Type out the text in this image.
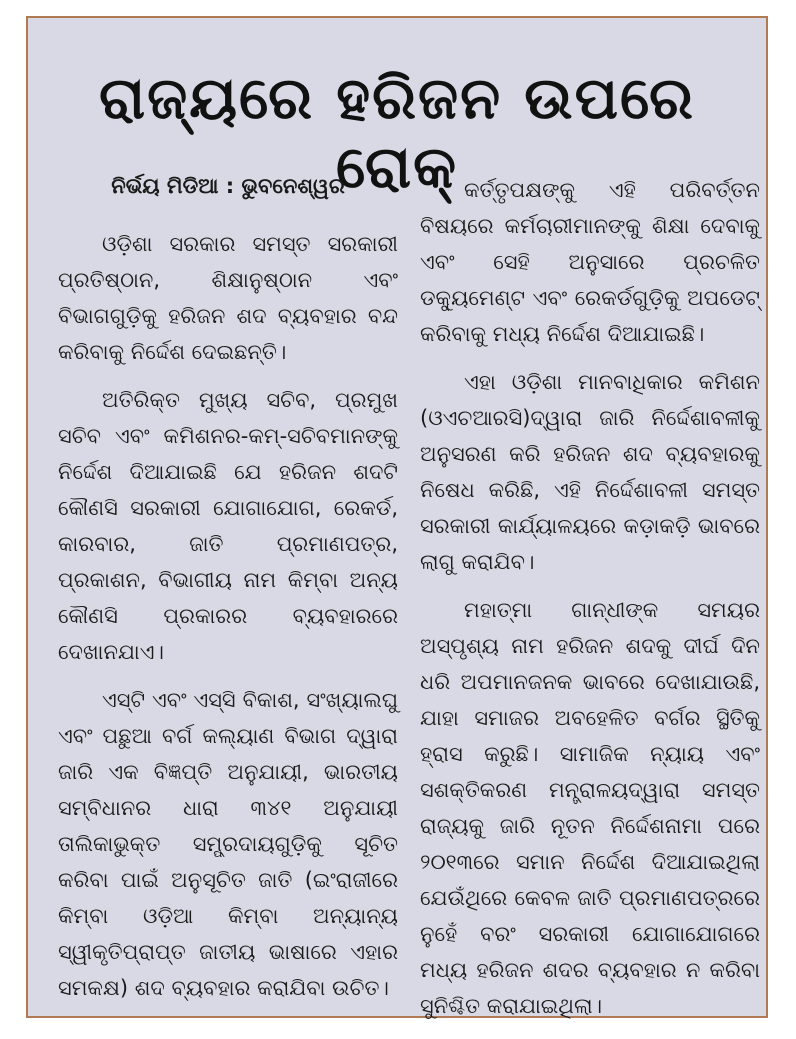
ରାଜ୍ୟରେ ହରିଜନ ଉପରେ ରୋକ୍
ନିର୍ଭୟ ମିଡିଆ : ଭୁବନେଶ୍ୱର

ଓଡ଼ିଶା ସରକାର ସମସ୍ତ ସରକାରୀ ପ୍ରତିଷ୍ଠାନ, ଶିକ୍ଷାନୁଷ୍ଠାନ ଏବଂ ବିଭାଗଗୁଡ଼ିକୁ ହରିଜନ ଶଦ ବ୍ୟବହାର ବନ୍ଦ କରିବାକୁ ନିର୍ଦ୍ଦେଶ ଦେଇଛନ୍ତି।

ଅତିରିକ୍ତ ମୁଖ୍ୟ ସଚିବ, ପ୍ରମୁଖ ସଚିବ ଏବଂ କମିଶନର-କମ୍-ସଚିବମାନଙ୍କୁ ନିର୍ଦ୍ଦେଶ ଦିଆଯାଇଛି ଯେ ହରିଜନ ଶଦଟି କୌଣସି ସରକାରୀ ଯୋଗାଯୋଗ, ରେକର୍ଡ, କାରବାର, ଜାତି ପ୍ରମାଣପତ୍ର, ପ୍ରକାଶନ, ବିଭାଗୀୟ ନାମ କିମ୍ବା ଅନ୍ୟ କୌଣସି ପ୍ରକାରର ବ୍ୟବହାରରେ ଦେଖାନଯାଏ।

ଏସ୍‌ଟି ଏବଂ ଏସ୍‌ସି ବିକାଶ, ସଂଖ୍ୟାଲଘୁ ଏବଂ ପଛୁଆ ବର୍ଗ କଲ୍ୟାଣ ବିଭାଗ ଦ୍ୱାରା ଜାରି ଏକ ବିଜ୍ଞପ୍ତି ଅନୁଯାୟୀ, ଭାରତୀୟ ସମ୍ବିଧାନର ଧାରା ୩୪୧ ଅନୁଯାୟୀ ତାଲିକାଭୁକ୍ତ ସମ୍ପ୍ରଦାୟଗୁଡ଼ିକୁ ସୂଚିତ କରିବା ପାଇଁ ଅନୁସୂଚିତ ଜାତି (ଇଂରାଜୀରେ କିମ୍ବା ଓଡ଼ିଆ କିମ୍ବା ଅନ୍ୟାନ୍ୟ ସ୍ୱୀକୃତିପ୍ରାପ୍ତ ଜାତୀୟ ଭାଷାରେ ଏହାର ସମକକ୍ଷ) ଶଦ ବ୍ୟବହାର କରାଯିବା ଉଚିତ।

କର୍ତ୍ତୃପକ୍ଷଙ୍କୁ ଏହି ପରିବର୍ତ୍ତନ ବିଷୟରେ କର୍ମଚାରୀମାନଙ୍କୁ ଶିକ୍ଷା ଦେବାକୁ ଏବଂ ସେହି ଅନୁସାରେ ପ୍ରଚଳିତ ଡକ୍ୟୁମେଣ୍ଟ ଏବଂ ରେକର୍ଡଗୁଡ଼ିକୁ ଅପଡେଟ୍ କରିବାକୁ ମଧ୍ୟ ନିର୍ଦ୍ଦେଶ ଦିଆଯାଇଛି।

ଏହା ଓଡ଼ିଶା ମାନବାଧିକାର କମିଶନ (ଓଏଚଆରସି)ଦ୍ୱାରା ଜାରି ନିର୍ଦ୍ଦେଶାବଳୀକୁ ଅନୁସରଣ କରି ହରିଜନ ଶଦ ବ୍ୟବହାରକୁ ନିଷେଧ କରିଛି, ଏହି ନିର୍ଦ୍ଦେଶାବଳୀ ସମସ୍ତ ସରକାରୀ କାର୍ଯ୍ୟାଳୟରେ କଡ଼ାକଡ଼ି ଭାବରେ ଲାଗୁ କରାଯିବ।

ମହାତ୍ମା ଗାନ୍ଧୀଙ୍କ ସମୟର ଅସ୍ପୃଶ୍ୟ ନାମ ହରିଜନ ଶଦକୁ ଦୀର୍ଘ ଦିନ ଧରି ଅପମାନଜନକ ଭାବରେ ଦେଖାଯାଉଛି, ଯାହା ସମାଜର ଅବହେଳିତ ବର୍ଗର ସ୍ଥିତିକୁ ହ୍ରାସ କରୁଛି। ସାମାଜିକ ନ୍ୟାୟ ଏବଂ ସଶକ୍ତିକରଣ ମନ୍ତ୍ରାଳୟଦ୍ୱାରା ସମସ୍ତ ରାଜ୍ୟକୁ ଜାରି ନୂତନ ନିର୍ଦ୍ଦେଶନାମା ପରେ ୨୦୧୩ରେ ସମାନ ନିର୍ଦ୍ଦେଶ ଦିଆଯାଇଥିଲା ଯେଉଁଥିରେ କେବଳ ଜାତି ପ୍ରମାଣପତ୍ରରେ ନୁହେଁ ବରଂ ସରକାରୀ ଯୋଗାଯୋଗରେ ମଧ୍ୟ ହରିଜନ ଶଦର ବ୍ୟବହାର ନ କରିବା ସୁନିଶ୍ଚିତ କରାଯାଇଥିଲା।
